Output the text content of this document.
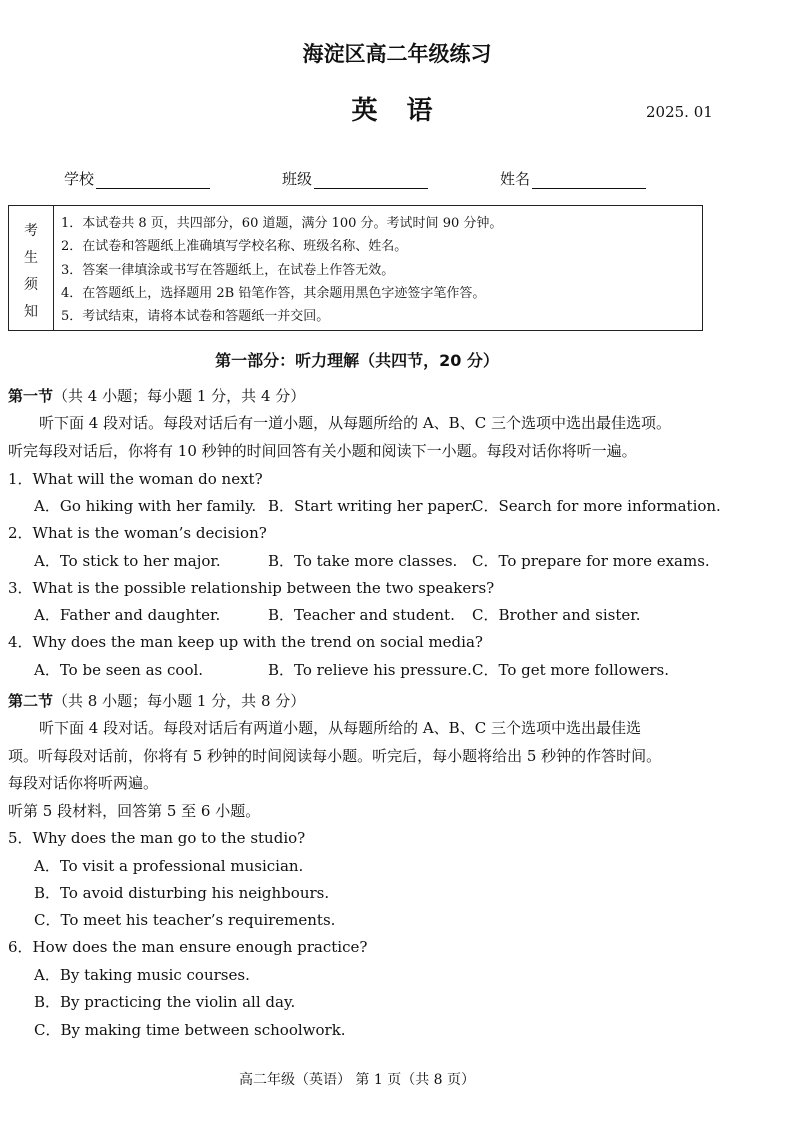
海淀区高二年级练习
英 语	2025. 01
学校	班级	姓名
考
生
须
知
1．本试卷共 8 页，共四部分，60 道题，满分 100 分。考试时间 90 分钟。
2．在试卷和答题纸上准确填写学校名称、班级名称、姓名。
3．答案一律填涂或书写在答题纸上，在试卷上作答无效。
4．在答题纸上，选择题用 2B 铅笔作答，其余题用黑色字迹签字笔作答。
5．考试结束，请将本试卷和答题纸一并交回。
第一部分：听力理解（共四节，20 分）
第一节（共 4 小题；每小题 1 分，共 4 分）
听下面 4 段对话。每段对话后有一道小题，从每题所给的 A、B、C 三个选项中选出最佳选项。
听完每段对话后，你将有 10 秒钟的时间回答有关小题和阅读下一小题。每段对话你将听一遍。
1．What will the woman do next?
A．Go hiking with her family. B．Start writing her paper.
C．Search for more information.
2．What is the woman’s decision?
A．To stick to her major.	B．To take more classes. C．To prepare for more exams.
3．What is the possible relationship between the two speakers?
A．Father and daughter.	B．Teacher and student. C．Brother and sister.
4．Why does the man keep up with the trend on social media?
A．To be seen as cool.	B．To relieve his pressure. C．To get more followers.
第二节（共 8 小题；每小题 1 分，共 8 分）
听下面 4 段对话。每段对话后有两道小题，从每题所给的 A、B、C 三个选项中选出最佳选
项。听每段对话前，你将有 5 秒钟的时间阅读每小题。听完后，每小题将给出 5 秒钟的作答时间。
每段对话你将听两遍。
听第 5 段材料，回答第 5 至 6 小题。
5．Why does the man go to the studio?
A．To visit a professional musician.
B．To avoid disturbing his neighbours.
C．To meet his teacher’s requirements.
6．How does the man ensure enough practice?
A．By taking music courses.
B．By practicing the violin all day.
C．By making time between schoolwork.
高二年级（英语） 第 1 页（共 8 页）
